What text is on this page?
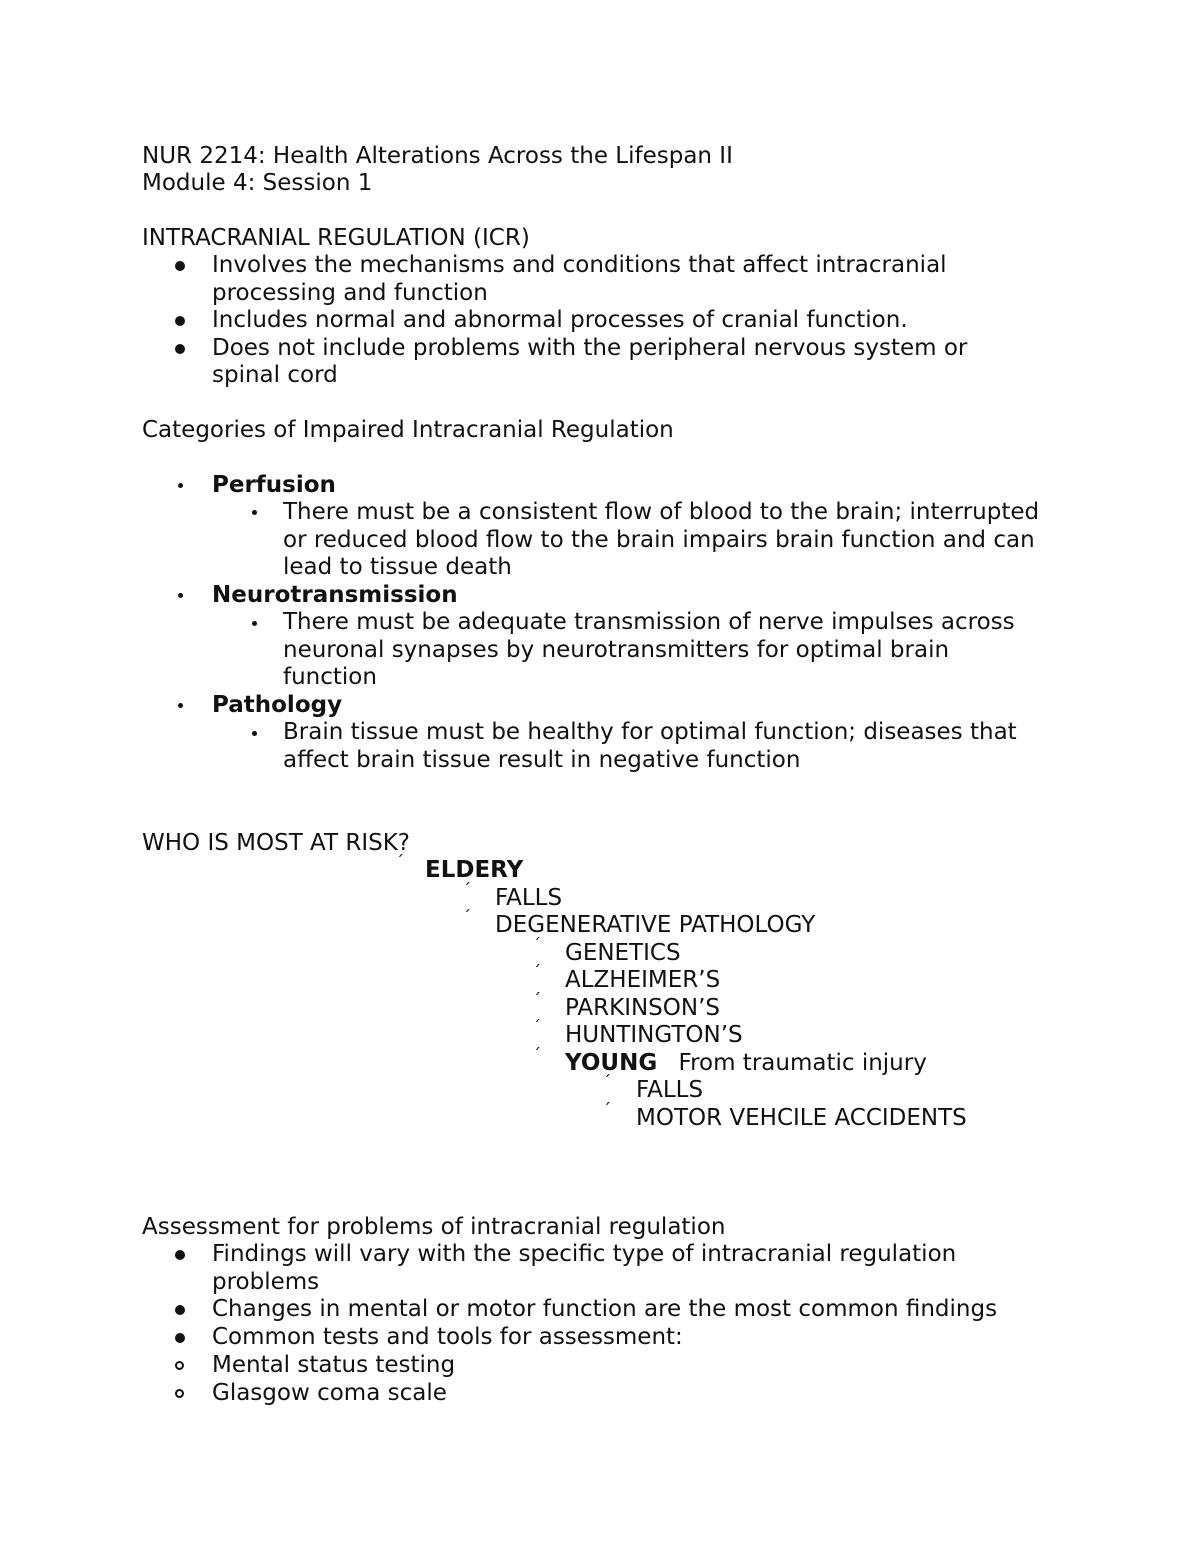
NUR 2214: Health Alterations Across the Lifespan II
Module 4: Session 1
INTRACRANIAL REGULATION (ICR)
Involves the mechanisms and conditions that affect intracranial
processing and function
Includes normal and abnormal processes of cranial function.
Does not include problems with the peripheral nervous system or
spinal cord
Categories of Impaired Intracranial Regulation
Perfusion
There must be a consistent flow of blood to the brain; interrupted
or reduced blood flow to the brain impairs brain function and can
lead to tissue death
Neurotransmission
There must be adequate transmission of nerve impulses across
neuronal synapses by neurotransmitters for optimal brain
function
Pathology
Brain tissue must be healthy for optimal function; diseases that
affect brain tissue result in negative function
WHO IS MOST AT RISK?
´ ELDERY
´ FALLS
´ DEGENERATIVE PATHOLOGY
´ GENETICS
´ ALZHEIMER’S
´ PARKINSON’S
´ HUNTINGTON’S
´ YOUNG From traumatic injury
´ FALLS
´ MOTOR VEHCILE ACCIDENTS
Assessment for problems of intracranial regulation
Findings will vary with the specific type of intracranial regulation
problems
Changes in mental or motor function are the most common findings
Common tests and tools for assessment:
Mental status testing
Glasgow coma scale
